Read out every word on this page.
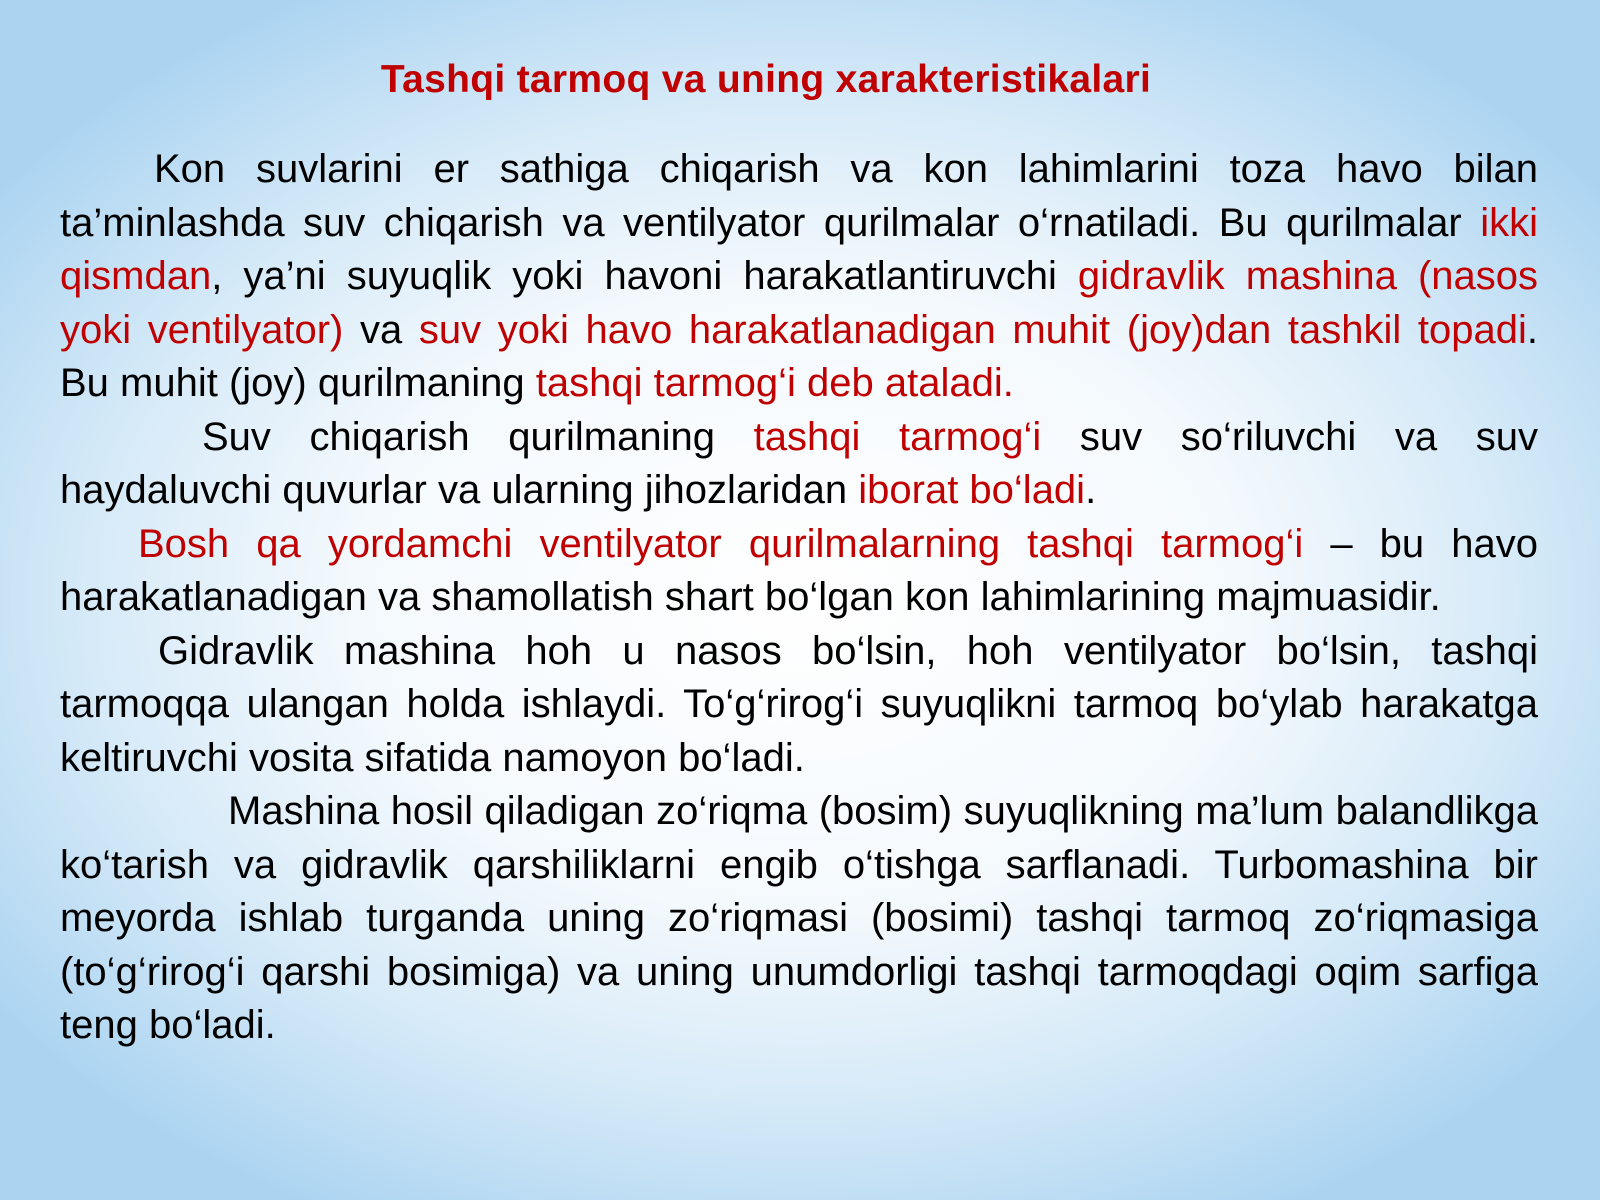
Tashqi tarmoq va uning xarakteristikalari

Kon suvlarini er sathiga chiqarish va kon lahimlarini toza havo bilan ta’minlashda suv chiqarish va ventilyator qurilmalar o‘rnatiladi. Bu qurilmalar ikki qismdan, ya’ni suyuqlik yoki havoni harakatlantiruvchi gidravlik mashina (nasos yoki ventilyator) va suv yoki havo harakatlanadigan muhit (joy)dan tashkil topadi. Bu muhit (joy) qurilmaning tashqi tarmog‘i deb ataladi.

Suv chiqarish qurilmaning tashqi tarmog‘i suv so‘riluvchi va suv haydaluvchi quvurlar va ularning jihozlaridan iborat bo‘ladi.

Bosh qa yordamchi ventilyator qurilmalarning tashqi tarmog‘i – bu havo harakatlanadigan va shamollatish shart bo‘lgan kon lahimlarining majmuasidir.

Gidravlik mashina hoh u nasos bo‘lsin, hoh ventilyator bo‘lsin, tashqi tarmoqqa ulangan holda ishlaydi. To‘g‘rirog‘i suyuqlikni tarmoq bo‘ylab harakatga keltiruvchi vosita sifatida namoyon bo‘ladi.

Mashina hosil qiladigan zo‘riqma (bosim) suyuqlikning ma’lum balandlikga ko‘tarish va gidravlik qarshiliklarni engib o‘tishga sarflanadi. Turbomashina bir meyorda ishlab turganda uning zo‘riqmasi (bosimi) tashqi tarmoq zo‘riqmasiga (to‘g‘rirog‘i qarshi bosimiga) va uning unumdorligi tashqi tarmoqdagi oqim sarfiga teng bo‘ladi.
